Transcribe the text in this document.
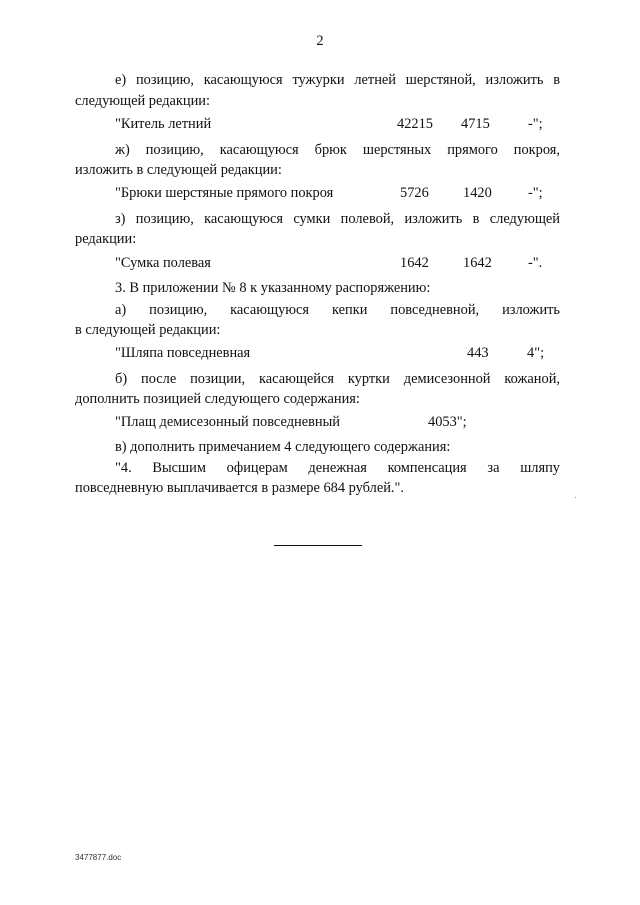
2
е) позицию, касающуюся тужурки летней шерстяной, изложить в
следующей редакции:
"Китель летний	42215 4715	-";
ж) позицию, касающуюся брюк шерстяных прямого покроя,
изложить в следующей редакции:
"Брюки шерстяные прямого покроя	5726 1420	-";
з) позицию, касающуюся сумки полевой, изложить в следующей
редакции:
"Сумка полевая	1642 1642	-".
3. В приложении № 8 к указанному распоряжению:
а) позицию, касающуюся кепки повседневной, изложить
в следующей редакции:
"Шляпа повседневная	443	4";
б) после позиции, касающейся куртки демисезонной кожаной,
дополнить позицией следующего содержания:
"Плащ демисезонный повседневный	4053";
в) дополнить примечанием 4 следующего содержания:
"4. Высшим офицерам денежная компенсация за шляпу
повседневную выплачивается в размере 684 рублей.".
3477877.doc
